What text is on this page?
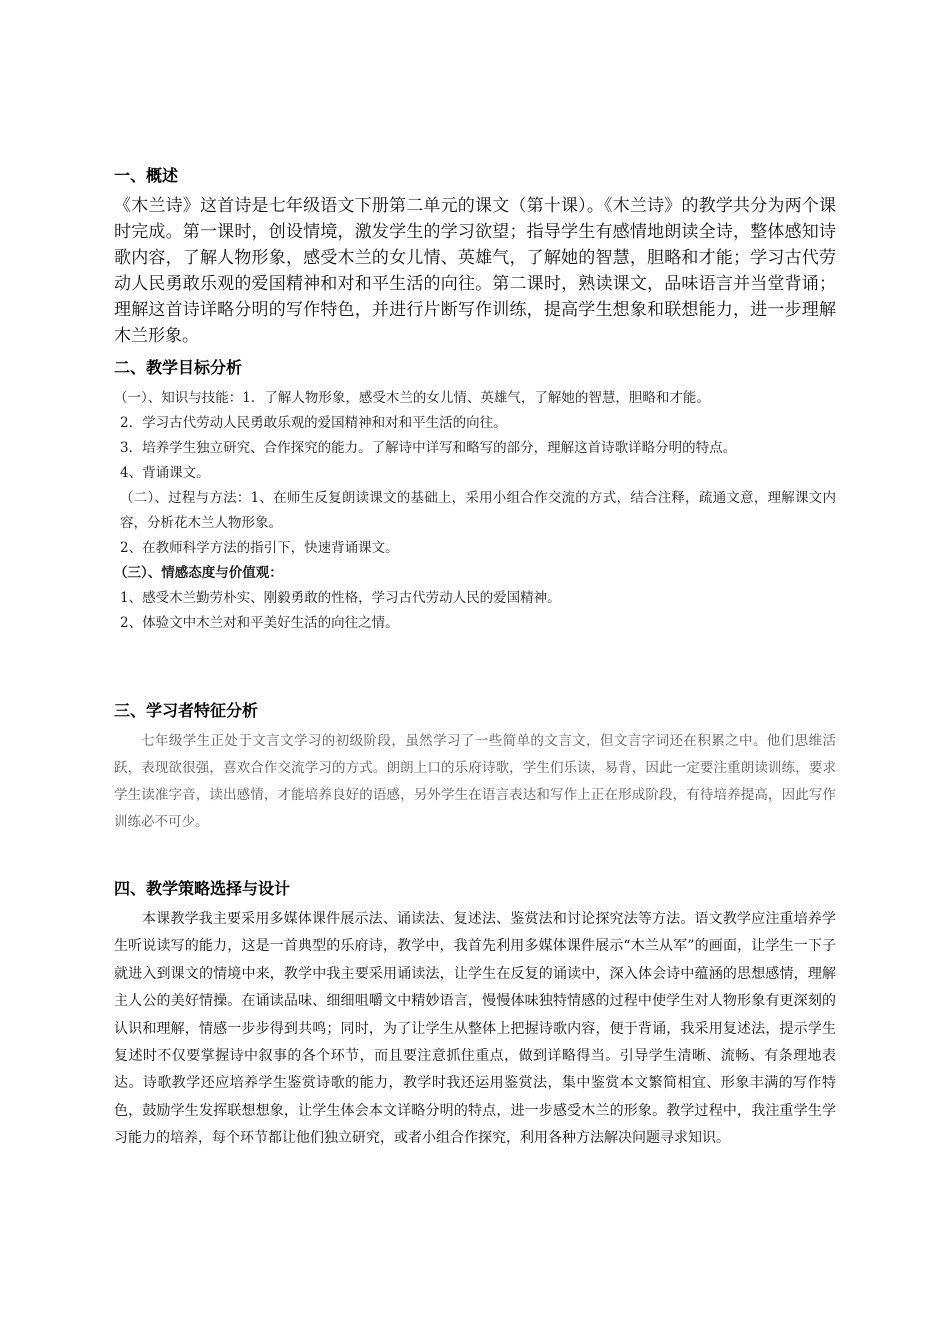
一、概述

《木兰诗》这首诗是七年级语文下册第二单元的课文（第十课）。《木兰诗》的教学共分为两个课时完成。第一课时，创设情境，激发学生的学习欲望；指导学生有感情地朗读全诗，整体感知诗歌内容，了解人物形象，感受木兰的女儿情、英雄气，了解她的智慧，胆略和才能；学习古代劳动人民勇敢乐观的爱国精神和对和平生活的向往。第二课时，熟读课文，品味语言并当堂背诵；理解这首诗详略分明的写作特色，并进行片断写作训练，提高学生想象和联想能力，进一步理解木兰形象。

二、教学目标分析

（一）、知识与技能：1．了解人物形象，感受木兰的女儿情、英雄气，了解她的智慧，胆略和才能。

2．学习古代劳动人民勇敢乐观的爱国精神和对和平生活的向往。

3．培养学生独立研究、合作探究的能力。了解诗中详写和略写的部分，理解这首诗歌详略分明的特点。

4、背诵课文。

（二）、过程与方法：1、在师生反复朗读课文的基础上，采用小组合作交流的方式，结合注释，疏通文意，理解课文内容，分析花木兰人物形象。

2、在教师科学方法的指引下，快速背诵课文。

（三）、情感态度与价值观：

1、感受木兰勤劳朴实、刚毅勇敢的性格，学习古代劳动人民的爱国精神。

2、体验文中木兰对和平美好生活的向往之情。

三、学习者特征分析

七年级学生正处于文言文学习的初级阶段，虽然学习了一些简单的文言文，但文言字词还在积累之中。他们思维活跃，表现欲很强，喜欢合作交流学习的方式。朗朗上口的乐府诗歌，学生们乐读，易背，因此一定要注重朗读训练，要求学生读准字音，读出感情，才能培养良好的语感，另外学生在语言表达和写作上正在形成阶段，有待培养提高，因此写作训练必不可少。

四、教学策略选择与设计

本课教学我主要采用多媒体课件展示法、诵读法、复述法、鉴赏法和讨论探究法等方法。语文教学应注重培养学生听说读写的能力，这是一首典型的乐府诗，教学中，我首先利用多媒体课件展示“木兰从军”的画面，让学生一下子就进入到课文的情境中来，教学中我主要采用诵读法，让学生在反复的诵读中，深入体会诗中蕴涵的思想感情，理解主人公的美好情操。在诵读品味、细细咀嚼文中精妙语言，慢慢体味独特情感的过程中使学生对人物形象有更深刻的认识和理解，情感一步步得到共鸣；同时，为了让学生从整体上把握诗歌内容，便于背诵，我采用复述法，提示学生复述时不仅要掌握诗中叙事的各个环节，而且要注意抓住重点，做到详略得当。引导学生清晰、流畅、有条理地表达。诗歌教学还应培养学生鉴赏诗歌的能力，教学时我还运用鉴赏法，集中鉴赏本文繁简相宜、形象丰满的写作特色，鼓励学生发挥联想想象，让学生体会本文详略分明的特点，进一步感受木兰的形象。教学过程中，我注重学生学习能力的培养，每个环节都让他们独立研究，或者小组合作探究，利用各种方法解决问题寻求知识。
